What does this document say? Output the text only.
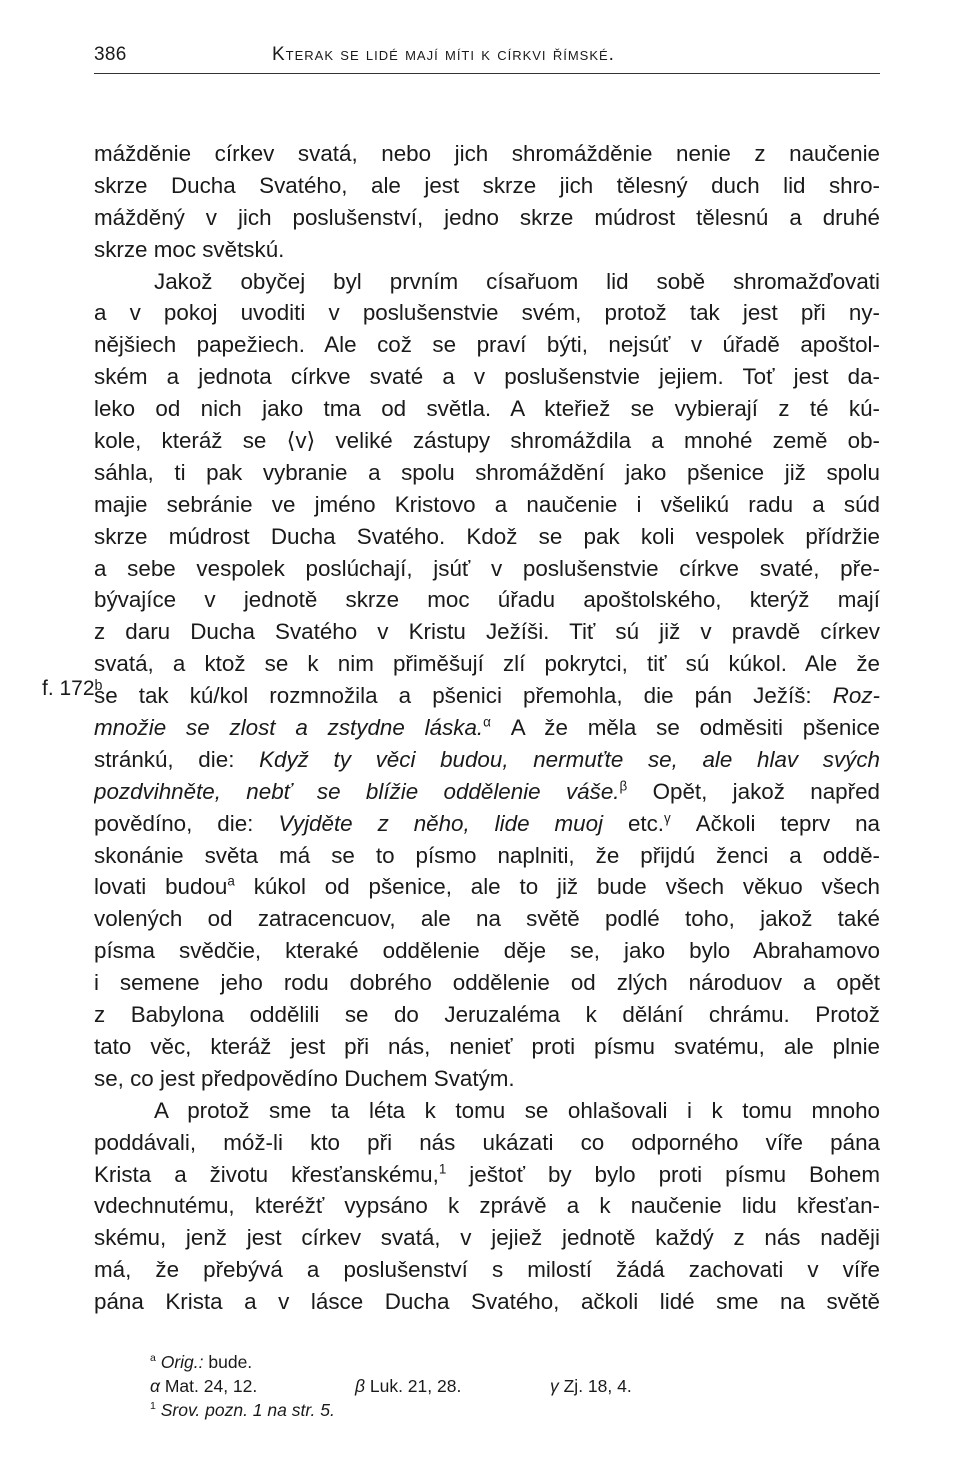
386	Kterak se lidé mají míti k církvi římské.
f. 172ᵇ
mážděnie církev svatá, nebo jich shromážděnie nenie z naučenie
skrze Ducha Svatého, ale jest skrze jich tělesný duch lid shro-
mážděný v jich poslušenství, jedno skrze múdrost tělesnú a druhé
skrze moc světskú.
Jakož obyčej byl prvním císařuom lid sobě shromažďovati
a v pokoj uvoditi v poslušenstvie svém, protož tak jest při ny-
nějšiech papežiech. Ale což se praví býti, nejsúť v úřadě apoštol-
ském a jednota církve svaté a v poslušenstvie jejiem. Toť jest da-
leko od nich jako tma od světla. A kteřiež se vybierají z té kú-
kole, kteráž se ⟨v⟩ veliké zástupy shromáždila a mnohé země ob-
sáhla, ti pak vybranie a spolu shromáždění jako pšenice již spolu
majie sebránie ve jméno Kristovo a naučenie i všelikú radu a súd
skrze múdrost Ducha Svatého. Kdož se pak koli vespolek přídržie
a sebe vespolek poslúchají, jsúť v poslušenstvie církve svaté, pře-
bývajíce v jednotě skrze moc úřadu apoštolského, kterýž mají
z daru Ducha Svatého v Kristu Ježíši. Tiť sú již v pravdě církev
svatá, a ktož se k nim přiměšují zlí pokrytci, tiť sú kúkol. Ale že
se tak kú/kol rozmnožila a pšenici přemohla, die pán Ježíš: Roz-
množie se zlost a zstydne láska.$^\alpha$ A že měla se odměsiti pšenice
stránkú, die: Když ty věci budou, nermuťte se, ale hlav svých
pozdvihněte, nebť se blížie oddělenie váše.$^\beta$ Opět, jakož napřed
povědíno, die: Vyjděte z něho, lide muoj etc.$^\gamma$ Ačkoli teprv na
skonánie světa má se to písmo naplniti, že přijdú ženci a oddě-
lovati budou$^a$ kúkol od pšenice, ale to již bude všech věkuo všech
volených od zatracencuov, ale na světě podlé toho, jakož také
písma svědčie, kteraké oddělenie děje se, jako bylo Abrahamovo
i semene jeho rodu dobrého oddělenie od zlých národuov a opět
z Babylona oddělili se do Jeruzaléma k dělání chrámu. Protož
tato věc, kteráž jest při nás, nenieť proti písmu svatému, ale plnie
se, co jest předpovědíno Duchem Svatým.
A protož sme ta léta k tomu se ohlašovali i k tomu mnoho
poddávali, móž-li kto při nás ukázati co odporného víře pána
Krista a životu křesťanskému,$^1$ ještoť by bylo proti písmu Bohem
vdechnutému, kteréžť vypsáno k zprávě a k naučenie lidu křesťan-
skému, jenž jest církev svatá, v jejiež jednotě každý z nás naději
má, že přebývá a poslušenství s milostí žádá zachovati v víře
pána Krista a v lásce Ducha Svatého, ačkoli lidé sme na světě
$^a$ Orig.: bude.
α Mat. 24, 12.	β Luk. 21, 28.	γ Zj. 18, 4.
$^1$ Srov. pozn. 1 na str. 5.
